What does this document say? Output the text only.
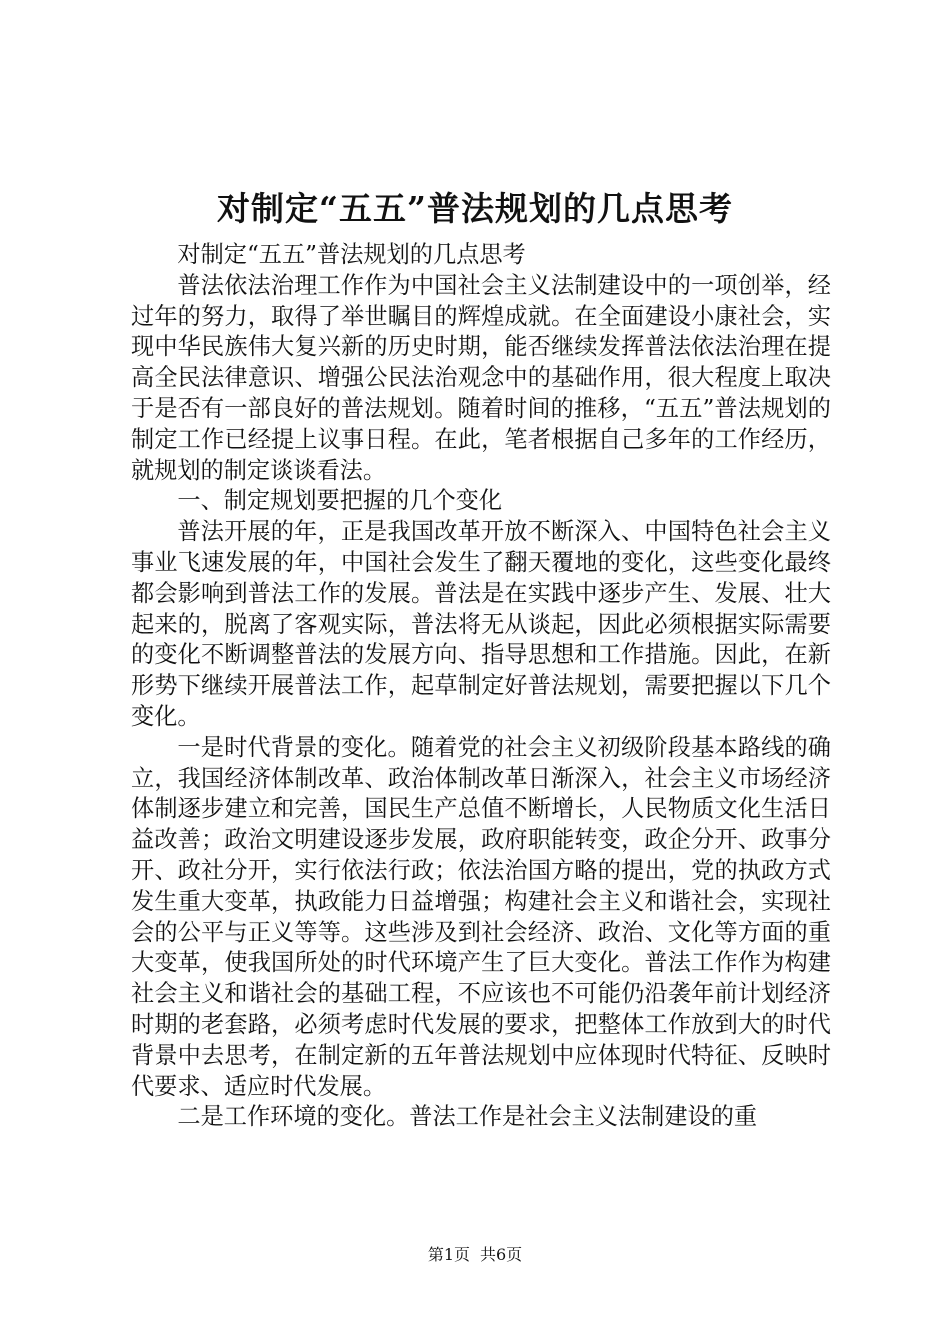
对制定“五五”普法规划的几点思考

对制定“五五”普法规划的几点思考

普法依法治理工作作为中国社会主义法制建设中的一项创举，经过年的努力，取得了举世瞩目的辉煌成就。在全面建设小康社会，实现中华民族伟大复兴新的历史时期，能否继续发挥普法依法治理在提高全民法律意识、增强公民法治观念中的基础作用，很大程度上取决于是否有一部良好的普法规划。随着时间的推移，“五五”普法规划的制定工作已经提上议事日程。在此，笔者根据自己多年的工作经历，就规划的制定谈谈看法。

一、制定规划要把握的几个变化

普法开展的年，正是我国改革开放不断深入、中国特色社会主义事业飞速发展的年，中国社会发生了翻天覆地的变化，这些变化最终都会影响到普法工作的发展。普法是在实践中逐步产生、发展、壮大起来的，脱离了客观实际，普法将无从谈起，因此必须根据实际需要的变化不断调整普法的发展方向、指导思想和工作措施。因此，在新形势下继续开展普法工作，起草制定好普法规划，需要把握以下几个变化。

一是时代背景的变化。随着党的社会主义初级阶段基本路线的确立，我国经济体制改革、政治体制改革日渐深入，社会主义市场经济体制逐步建立和完善，国民生产总值不断增长，人民物质文化生活日益改善；政治文明建设逐步发展，政府职能转变，政企分开、政事分开、政社分开，实行依法行政；依法治国方略的提出，党的执政方式发生重大变革，执政能力日益增强；构建社会主义和谐社会，实现社会的公平与正义等等。这些涉及到社会经济、政治、文化等方面的重大变革，使我国所处的时代环境产生了巨大变化。普法工作作为构建社会主义和谐社会的基础工程，不应该也不可能仍沿袭年前计划经济时期的老套路，必须考虑时代发展的要求，把整体工作放到大的时代背景中去思考，在制定新的五年普法规划中应体现时代特征、反映时代要求、适应时代发展。

二是工作环境的变化。普法工作是社会主义法制建设的重

第1页 共6页
